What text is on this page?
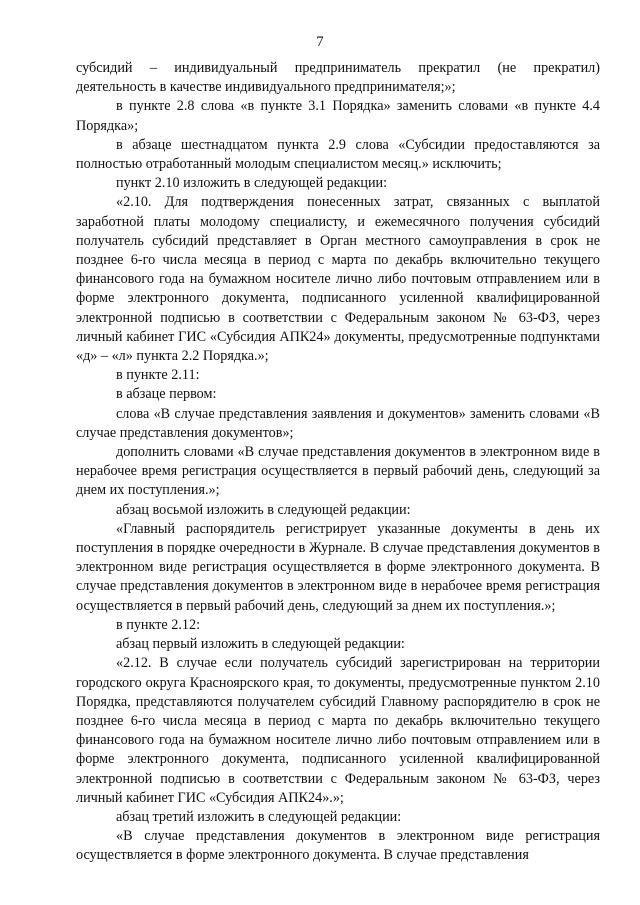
7

субсидий – индивидуальный предприниматель прекратил (не прекратил) деятельность в качестве индивидуального предпринимателя;»;

в пункте 2.8 слова «в пункте 3.1 Порядка» заменить словами «в пункте 4.4 Порядка»;

в абзаце шестнадцатом пункта 2.9 слова «Субсидии предоставляются за полностью отработанный молодым специалистом месяц.» исключить;

пункт 2.10 изложить в следующей редакции:

«2.10. Для подтверждения понесенных затрат, связанных с выплатой заработной платы молодому специалисту, и ежемесячного получения субсидий получатель субсидий представляет в Орган местного самоуправления в срок не позднее 6-го числа месяца в период с марта по декабрь включительно текущего финансового года на бумажном носителе лично либо почтовым отправлением или в форме электронного документа, подписанного усиленной квалифицированной электронной подписью в соответствии с Федеральным законом № 63-ФЗ, через личный кабинет ГИС «Субсидия АПК24» документы, предусмотренные подпунктами «д» – «л» пункта 2.2 Порядка.»;

в пункте 2.11:

в абзаце первом:

слова «В случае представления заявления и документов» заменить словами «В случае представления документов»;

дополнить словами «В случае представления документов в электронном виде в нерабочее время регистрация осуществляется в первый рабочий день, следующий за днем их поступления.»;

абзац восьмой изложить в следующей редакции:

«Главный распорядитель регистрирует указанные документы в день их поступления в порядке очередности в Журнале. В случае представления документов в электронном виде регистрация осуществляется в форме электронного документа. В случае представления документов в электронном виде в нерабочее время регистрация осуществляется в первый рабочий день, следующий за днем их поступления.»;

в пункте 2.12:

абзац первый изложить в следующей редакции:

«2.12. В случае если получатель субсидий зарегистрирован на территории городского округа Красноярского края, то документы, предусмотренные пунктом 2.10 Порядка, представляются получателем субсидий Главному распорядителю в срок не позднее 6-го числа месяца в период с марта по декабрь включительно текущего финансового года на бумажном носителе лично либо почтовым отправлением или в форме электронного документа, подписанного усиленной квалифицированной электронной подписью в соответствии с Федеральным законом № 63-ФЗ, через личный кабинет ГИС «Субсидия АПК24».»;

абзац третий изложить в следующей редакции:

«В случае представления документов в электронном виде регистрация осуществляется в форме электронного документа. В случае представления
